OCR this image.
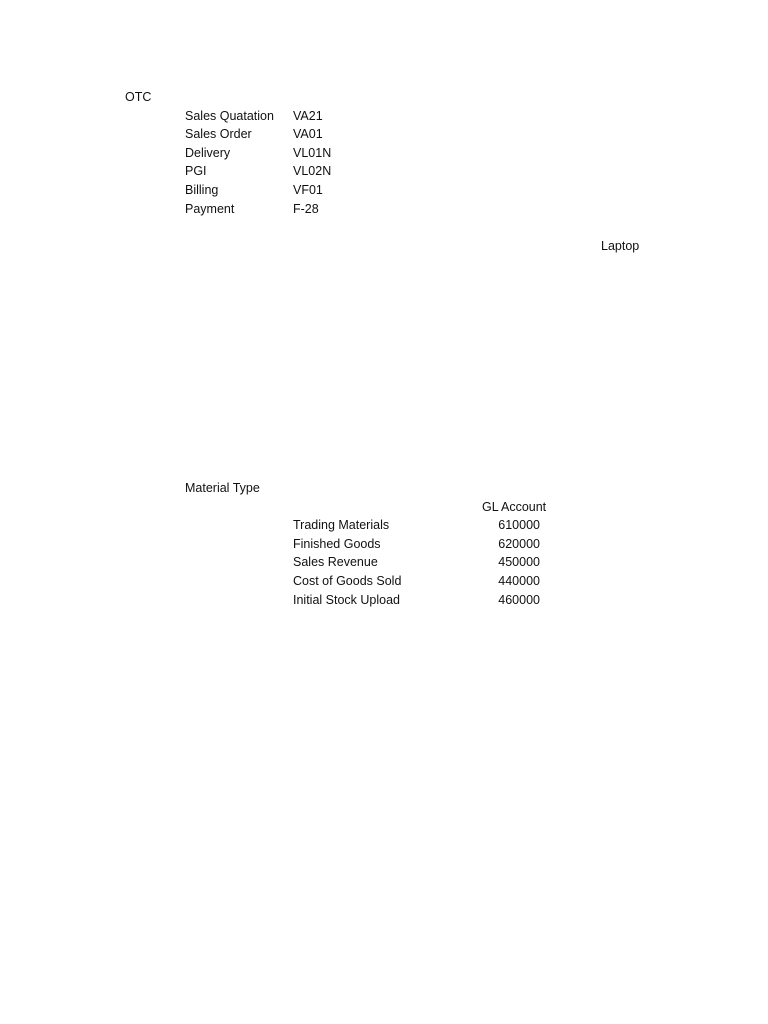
OTC
Sales Quatation VA21
Sales Order	VA01
Delivery	VL01N
PGI	VL02N
Billing	VF01
Payment	F-28
Laptop
Material Type
GL Account
Trading Materials	610000
Finished Goods	620000
Sales Revenue	450000
Cost of Goods Sold	440000
Initial Stock Upload	460000
